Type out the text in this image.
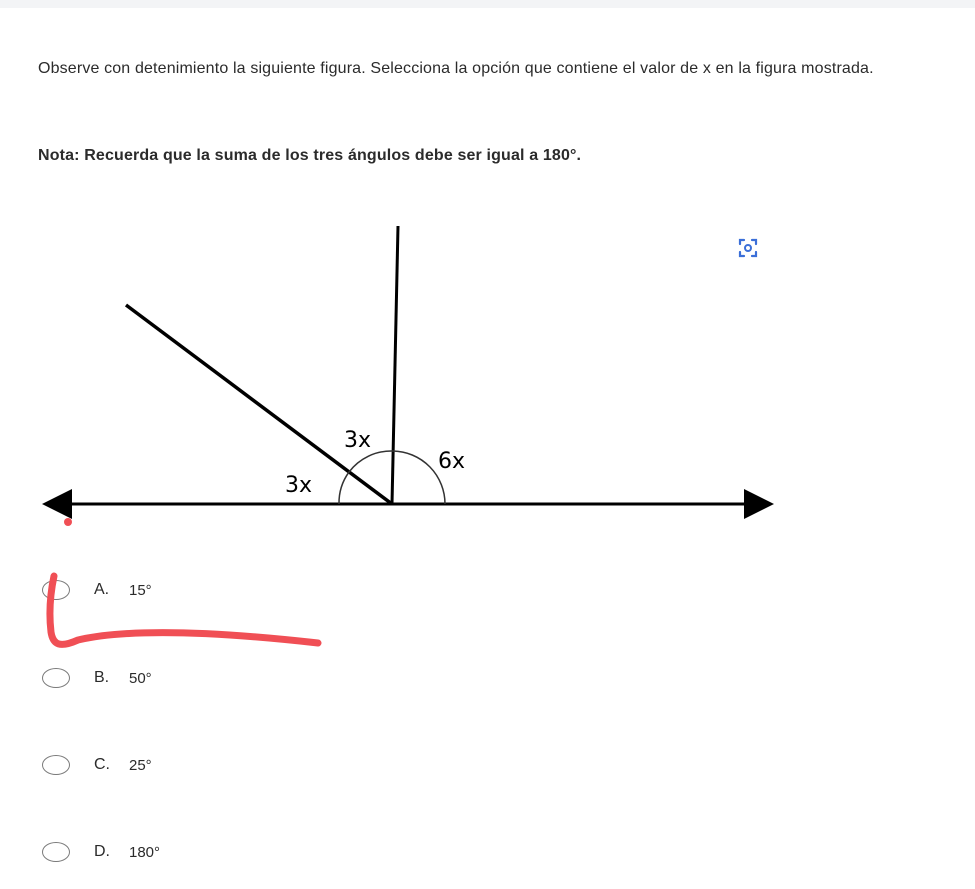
Observe con detenimiento la siguiente figura. Selecciona la opción que contiene el valor de x en la figura mostrada.
Nota: Recuerda que la suma de los tres ángulos debe ser igual a 180°.
3x
3x
6x
A.	15°
B.	50°
C.	25°
D.	180°
